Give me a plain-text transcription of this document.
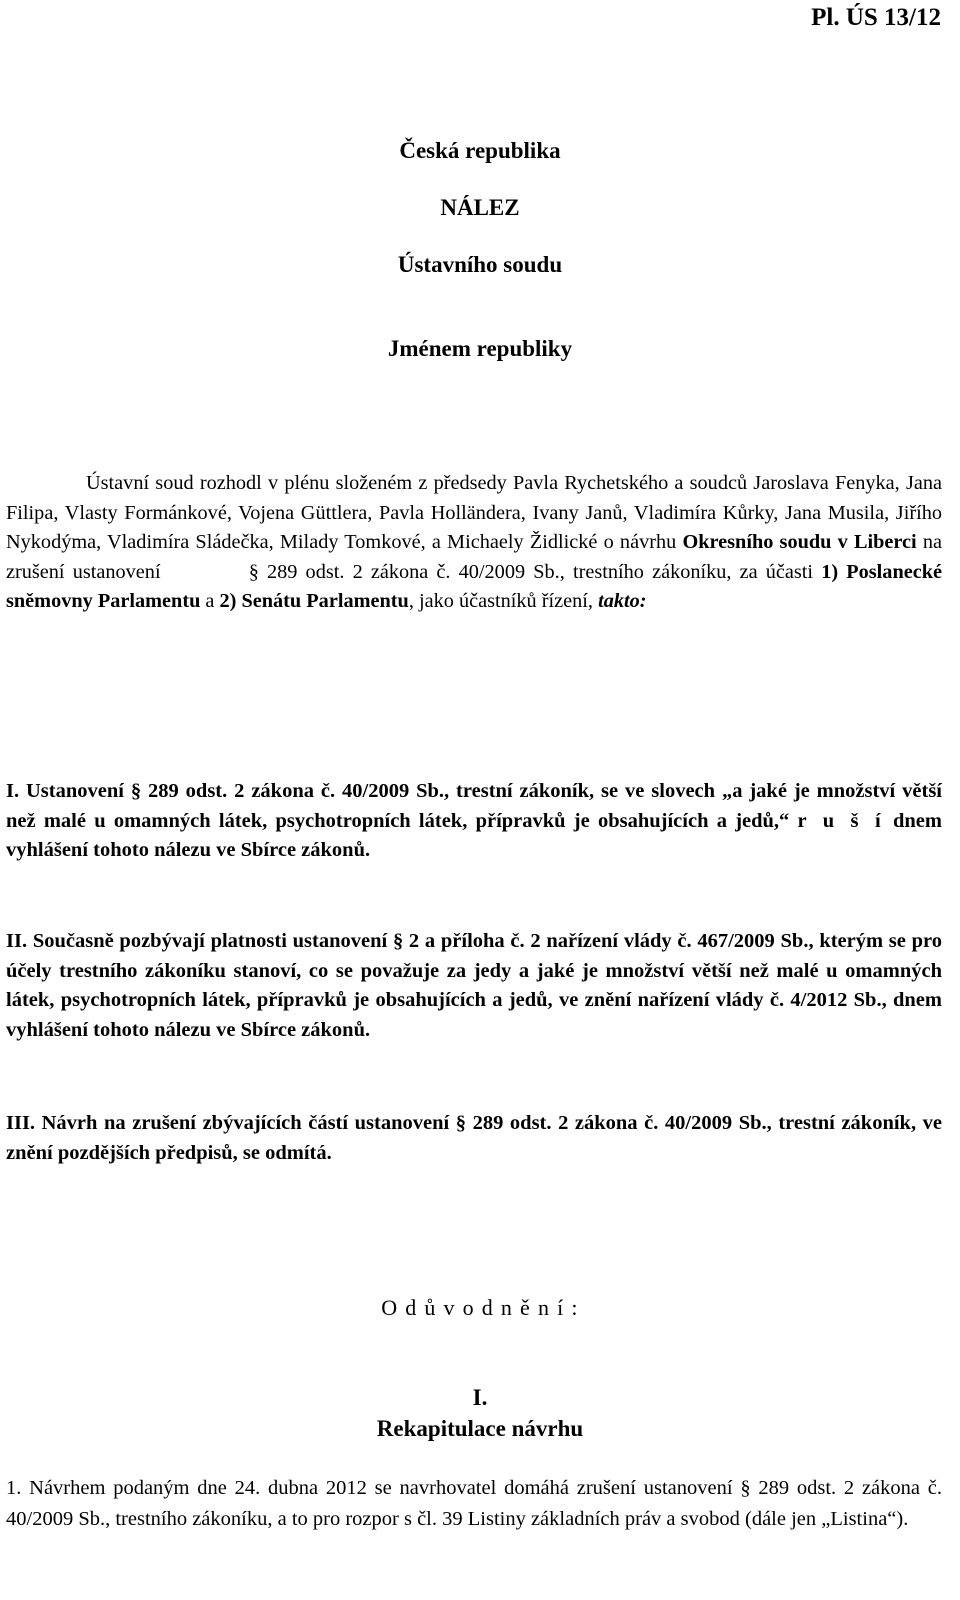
Pl. ÚS 13/12
Česká republika
NÁLEZ
Ústavního soudu
Jménem republiky
Ústavní soud rozhodl v plénu složeném z předsedy Pavla Rychetského a soudců Jaroslava Fenyka, Jana Filipa, Vlasty Formánkové, Vojena Güttlera, Pavla Holländera, Ivany Janů, Vladimíra Kůrky, Jana Musila, Jiřího Nykodýma, Vladimíra Sládečka, Milady Tomkové, a Michaely Židlické o návrhu Okresního soudu v Liberci na zrušení ustanovení	§ 289 odst. 2 zákona č. 40/2009 Sb., trestního zákoníku, za účasti 1) Poslanecké sněmovny Parlamentu a 2) Senátu Parlamentu, jako účastníků řízení, takto:
I. Ustanovení § 289 odst. 2 zákona č. 40/2009 Sb., trestní zákoník, se ve slovech „a jaké je množství větší než malé u omamných látek, psychotropních látek, přípravků je obsahujících a jedů,“ r u š í dnem vyhlášení tohoto nálezu ve Sbírce zákonů.
II. Současně pozbývají platnosti ustanovení § 2 a příloha č. 2 nařízení vlády č. 467/2009 Sb., kterým se pro účely trestního zákoníku stanoví, co se považuje za jedy a jaké je množství větší než malé u omamných látek, psychotropních látek, přípravků je obsahujících a jedů, ve znění nařízení vlády č. 4/2012 Sb., dnem vyhlášení tohoto nálezu ve Sbírce zákonů.
III. Návrh na zrušení zbývajících částí ustanovení § 289 odst. 2 zákona č. 40/2009 Sb., trestní zákoník, ve znění pozdějších předpisů, se odmítá.
O d ů v o d n ě n í :
I.
Rekapitulace návrhu
1. Návrhem podaným dne 24. dubna 2012 se navrhovatel domáhá zrušení ustanovení § 289 odst. 2 zákona č. 40/2009 Sb., trestního zákoníku, a to pro rozpor s čl. 39 Listiny základních práv a svobod (dále jen „Listina“).
